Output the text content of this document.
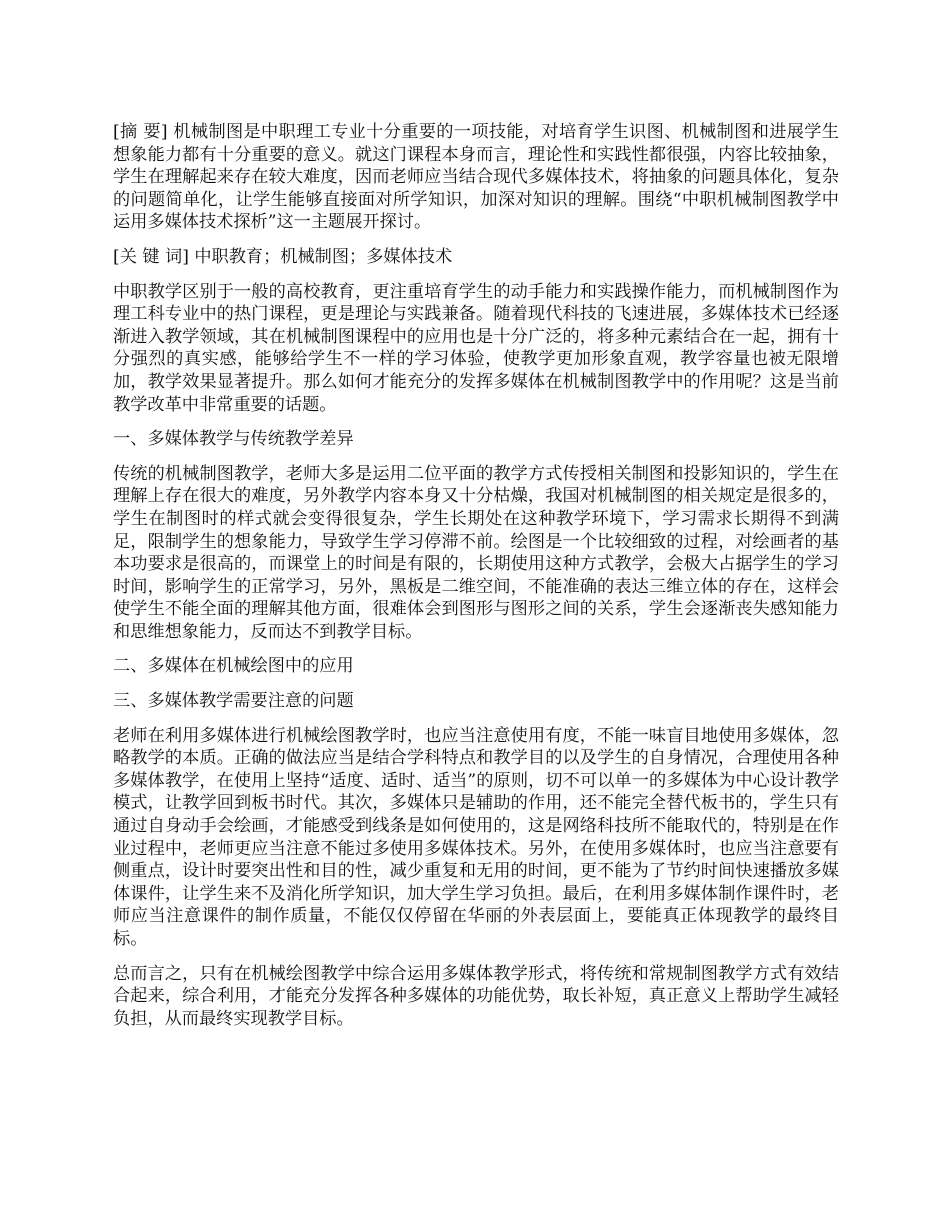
[摘 要] 机械制图是中职理工专业十分重要的一项技能，对培育学生识图、机械制图和进展学生想象能力都有十分重要的意义。就这门课程本身而言，理论性和实践性都很强，内容比较抽象，学生在理解起来存在较大难度，因而老师应当结合现代多媒体技术，将抽象的问题具体化，复杂的问题简单化，让学生能够直接面对所学知识，加深对知识的理解。围绕“中职机械制图教学中运用多媒体技术探析”这一主题展开探讨。

[关 键 词] 中职教育；机械制图；多媒体技术

中职教学区别于一般的高校教育，更注重培育学生的动手能力和实践操作能力，而机械制图作为理工科专业中的热门课程，更是理论与实践兼备。随着现代科技的飞速进展，多媒体技术已经逐渐进入教学领域，其在机械制图课程中的应用也是十分广泛的，将多种元素结合在一起，拥有十分强烈的真实感，能够给学生不一样的学习体验，使教学更加形象直观，教学容量也被无限增加，教学效果显著提升。那么如何才能充分的发挥多媒体在机械制图教学中的作用呢？这是当前教学改革中非常重要的话题。

一、多媒体教学与传统教学差异

传统的机械制图教学，老师大多是运用二位平面的教学方式传授相关制图和投影知识的，学生在理解上存在很大的难度，另外教学内容本身又十分枯燥，我国对机械制图的相关规定是很多的，学生在制图时的样式就会变得很复杂，学生长期处在这种教学环境下，学习需求长期得不到满足，限制学生的想象能力，导致学生学习停滞不前。绘图是一个比较细致的过程，对绘画者的基本功要求是很高的，而课堂上的时间是有限的，长期使用这种方式教学，会极大占据学生的学习时间，影响学生的正常学习，另外，黑板是二维空间，不能准确的表达三维立体的存在，这样会使学生不能全面的理解其他方面，很难体会到图形与图形之间的关系，学生会逐渐丧失感知能力和思维想象能力，反而达不到教学目标。

二、多媒体在机械绘图中的应用

三、多媒体教学需要注意的问题

老师在利用多媒体进行机械绘图教学时，也应当注意使用有度，不能一味盲目地使用多媒体，忽略教学的本质。正确的做法应当是结合学科特点和教学目的以及学生的自身情况，合理使用各种多媒体教学，在使用上坚持“适度、适时、适当”的原则，切不可以单一的多媒体为中心设计教学模式，让教学回到板书时代。其次，多媒体只是辅助的作用，还不能完全替代板书的，学生只有通过自身动手会绘画，才能感受到线条是如何使用的，这是网络科技所不能取代的，特别是在作业过程中，老师更应当注意不能过多使用多媒体技术。另外，在使用多媒体时，也应当注意要有侧重点，设计时要突出性和目的性，减少重复和无用的时间，更不能为了节约时间快速播放多媒体课件，让学生来不及消化所学知识，加大学生学习负担。最后，在利用多媒体制作课件时，老师应当注意课件的制作质量，不能仅仅停留在华丽的外表层面上，要能真正体现教学的最终目标。

总而言之，只有在机械绘图教学中综合运用多媒体教学形式，将传统和常规制图教学方式有效结合起来，综合利用，才能充分发挥各种多媒体的功能优势，取长补短，真正意义上帮助学生减轻负担，从而最终实现教学目标。
